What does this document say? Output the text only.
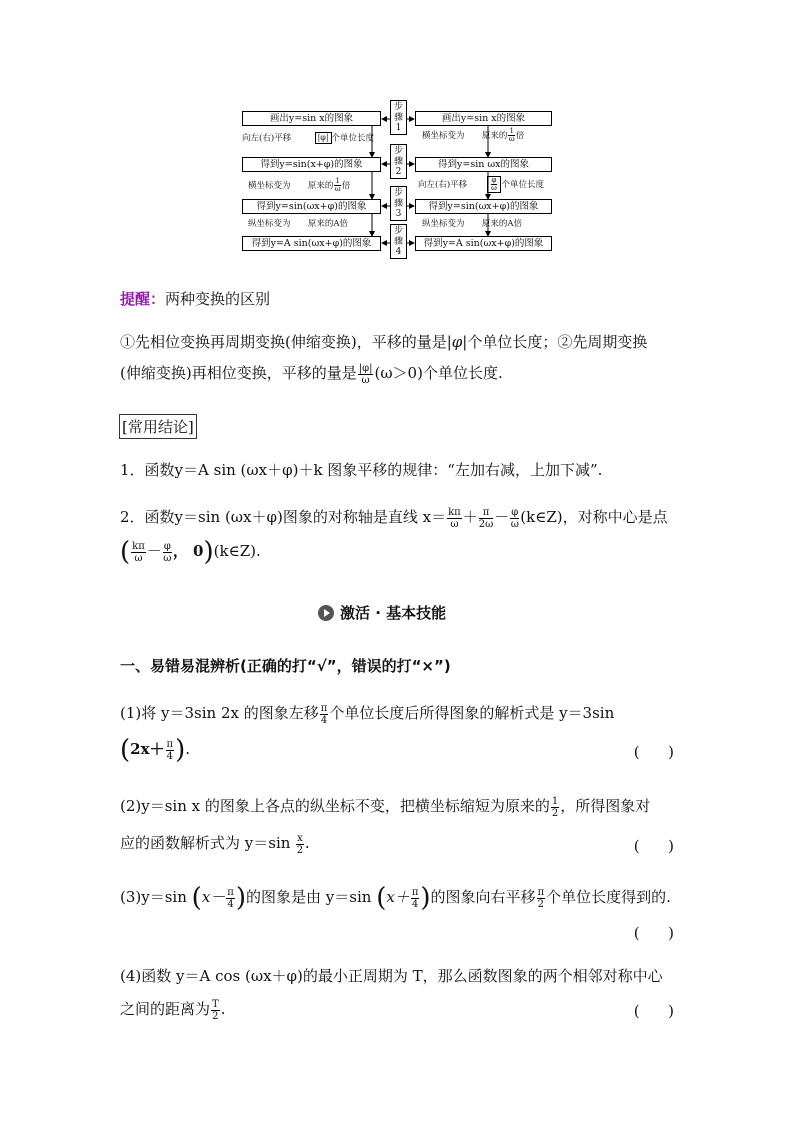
画出y=sin x的图象
向左(右)平移	|φ| 个单位长度
得到y=sin(x+φ)的图象
横坐标变为 原来的 $\frac{1}{\omega}$ 倍
得到y=sin(ωx+φ)的图象
纵坐标变为 原来的A倍
得到y=A sin(ωx+φ)的图象
步
骤
1
步
骤
2
步
骤
3
步
骤
4
画出y=sin x的图象
横坐标变为 原来的 $\frac{1}{\omega}$ 倍
得到y=sin ωx的图象
向左(右)平移	$\frac{\varphi}{\omega}$ 个单位长度
得到y=sin(ωx+φ)的图象
纵坐标变为 原来的A倍
得到y=A sin(ωx+φ)的图象
提醒：两种变换的区别
①先相位变换再周期变换(伸缩变换)，平移的量是|φ|个单位长度；②先周期变换
(伸缩变换)再相位变换，平移的量是 $\frac{|\varphi|}{\omega} (\omega>0)$个单位长度.
[常用结论]
1．函数y＝A sin (ωx＋φ)＋k 图象平移的规律：“左加右减，上加下减”.
2．函数y＝sin (ωx＋φ)图象的对称轴是直线 $x= \frac{k\pi}{\omega} + \frac{\pi}{2\omega} - \frac{\varphi}{\omega}$ (k∈Z)，对称中心是点
( $\frac{k\pi}{\omega} - \frac{\varphi}{\omega}$ ， 0)(k∈Z).
激活 · 基本技能
一、易错易混辨析(正确的打“√”，错误的打“×”)
(1)将 y＝3sin 2x 的图象左移 $\frac{\pi}{4}$ 个单位长度后所得图象的解析式是 y＝3sin
($2x+ \frac{\pi}{4}$ ).	(      )
(2)y＝sin x 的图象上各点的纵坐标不变，把横坐标缩短为原来的 $\frac{1}{2}$ ，所得图象对
应的函数解析式为 $y=\sin \frac{x}{2}$ .	(      )
(3)y＝sin ($x- \frac{\pi}{4}$ )的图象是由 y＝sin ($x+ \frac{\pi}{4}$ )的图象向右平移 $\frac{\pi}{2}$ 个单位长度得到的.
(      )
(4)函数 y＝A cos (ωx＋φ)的最小正周期为 T，那么函数图象的两个相邻对称中心
之间的距离为 $\frac{T}{2}$ .	(      )
